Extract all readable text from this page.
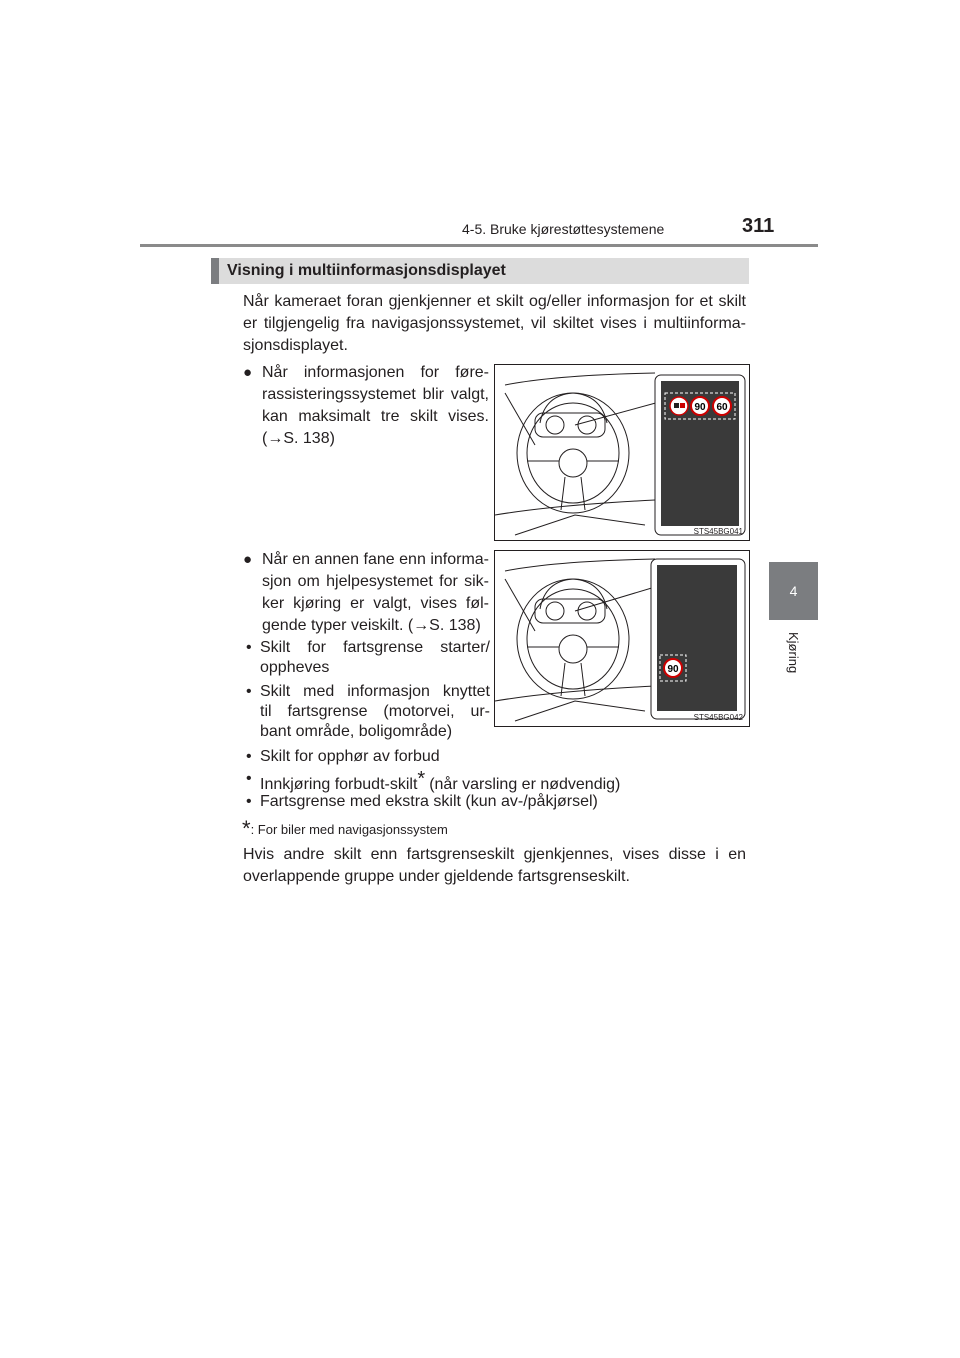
4-5. Bruke kjørestøttesystemene	311
4
Kjøring
Visning i multiinformasjonsdisplayet
Når kameraet foran gjenkjenner et skilt og/eller informasjon for et skilt
er tilgjengelig fra navigasjonssystemet, vil skiltet vises i multiinforma-
sjonsdisplayet.
● Når informasjonen for føre-
rassisteringssystemet blir valgt,
kan maksimalt tre skilt vises.
(→S. 138)
90 60
STS45BG041
● Når en annen fane enn informa-
sjon om hjelpesystemet for sik-
ker kjøring er valgt, vises føl-
gende typer veiskilt. (→S. 138)
90
STS45BG042
• Skilt for fartsgrense starter/
oppheves
• Skilt med informasjon knyttet
til fartsgrense (motorvei, ur-
bant område, boligområde)
• Skilt for opphør av forbud
• Innkjøring forbudt-skilt* (når varsling er nødvendig)
• Fartsgrense med ekstra skilt (kun av-/påkjørsel)
*: For biler med navigasjonssystem
Hvis andre skilt enn fartsgrenseskilt gjenkjennes, vises disse i en
overlappende gruppe under gjeldende fartsgrenseskilt.
